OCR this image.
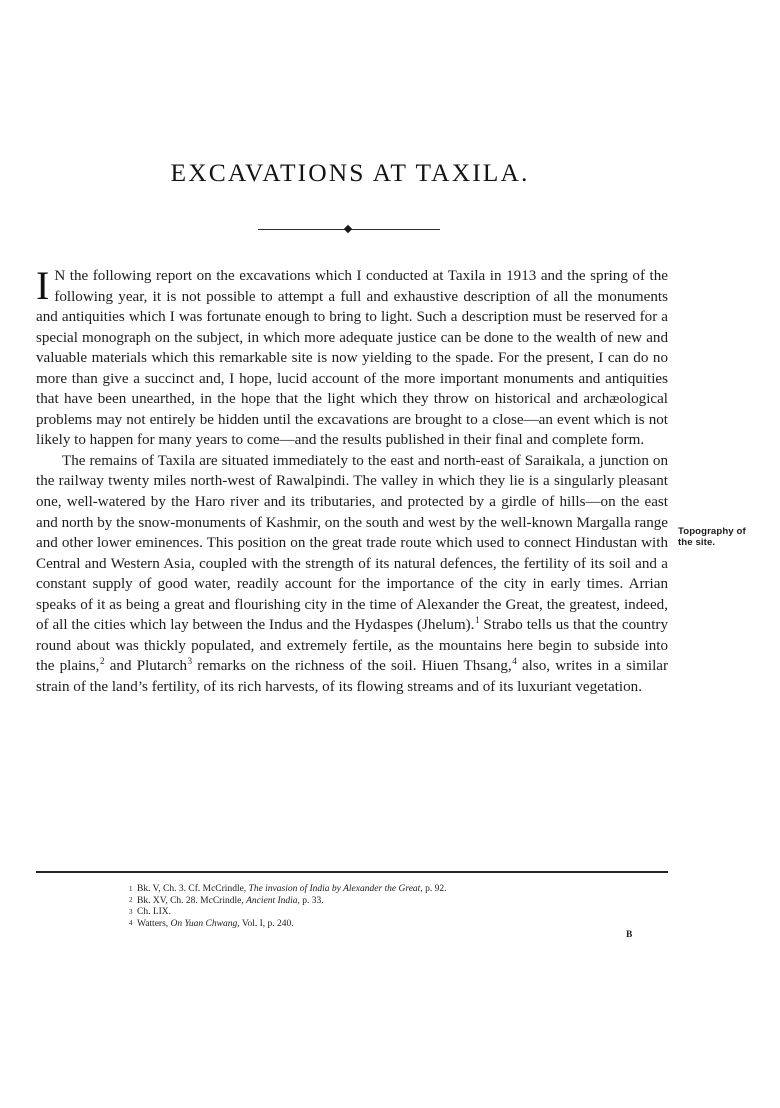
EXCAVATIONS AT TAXILA.

I N the following report on the excavations which I conducted at Taxila in 1913 and the spring of the following year, it is not possible to attempt a full and exhaustive description of all the monuments and antiquities which I was fortunate enough to bring to light. Such a description must be reserved for a special monograph on the subject, in which more adequate justice can be done to the wealth of new and valuable materials which this remarkable site is now yielding to the spade. For the present, I can do no more than give a succinct and, I hope, lucid account of the more important monuments and antiquities that have been unearthed, in the hope that the light which they throw on historical and archæological problems may not entirely be hidden until the excavations are brought to a close—an event which is not likely to happen for many years to come—and the results published in their final and complete form.

The remains of Taxila are situated immediately to the east and north-east of Saraikala, a junction on the railway twenty miles north-west of Rawalpindi. The valley in which they lie is a singularly pleasant one, well-watered by the Haro river and its tributaries, and protected by a girdle of hills—on the east and north by the snow-monuments of Kashmir, on the south and west by the well-known Margalla range and other lower eminences. This position on the great trade route which used to connect Hindustan with Central and Western Asia, coupled with the strength of its natural defences, the fertility of its soil and a constant supply of good water, readily account for the importance of the city in early times. Arrian speaks of it as being a great and flourishing city in the time of Alexander the Great, the greatest, indeed, of all the cities which lay between the Indus and the Hydaspes (Jhelum).$^1$ Strabo tells us that the country round about was thickly populated, and extremely fertile, as the mountains here begin to subside into the plains,$^2$ and Plutarch$^3$ remarks on the richness of the soil. Hiuen Thsang,$^4$ also, writes in a similar strain of the land’s fertility, of its rich harvests, of its flowing streams and of its luxuriant vegetation.

Topography of
the site.
1 Bk. V, Ch. 3. Cf. McCrindle, The invasion of India by Alexander the Great, p. 92.
2 Bk. XV, Ch. 28. McCrindle, Ancient India, p. 33.
3 Ch. LIX.
4 Watters, On Yuan Chwang, Vol. I, p. 240.
B
